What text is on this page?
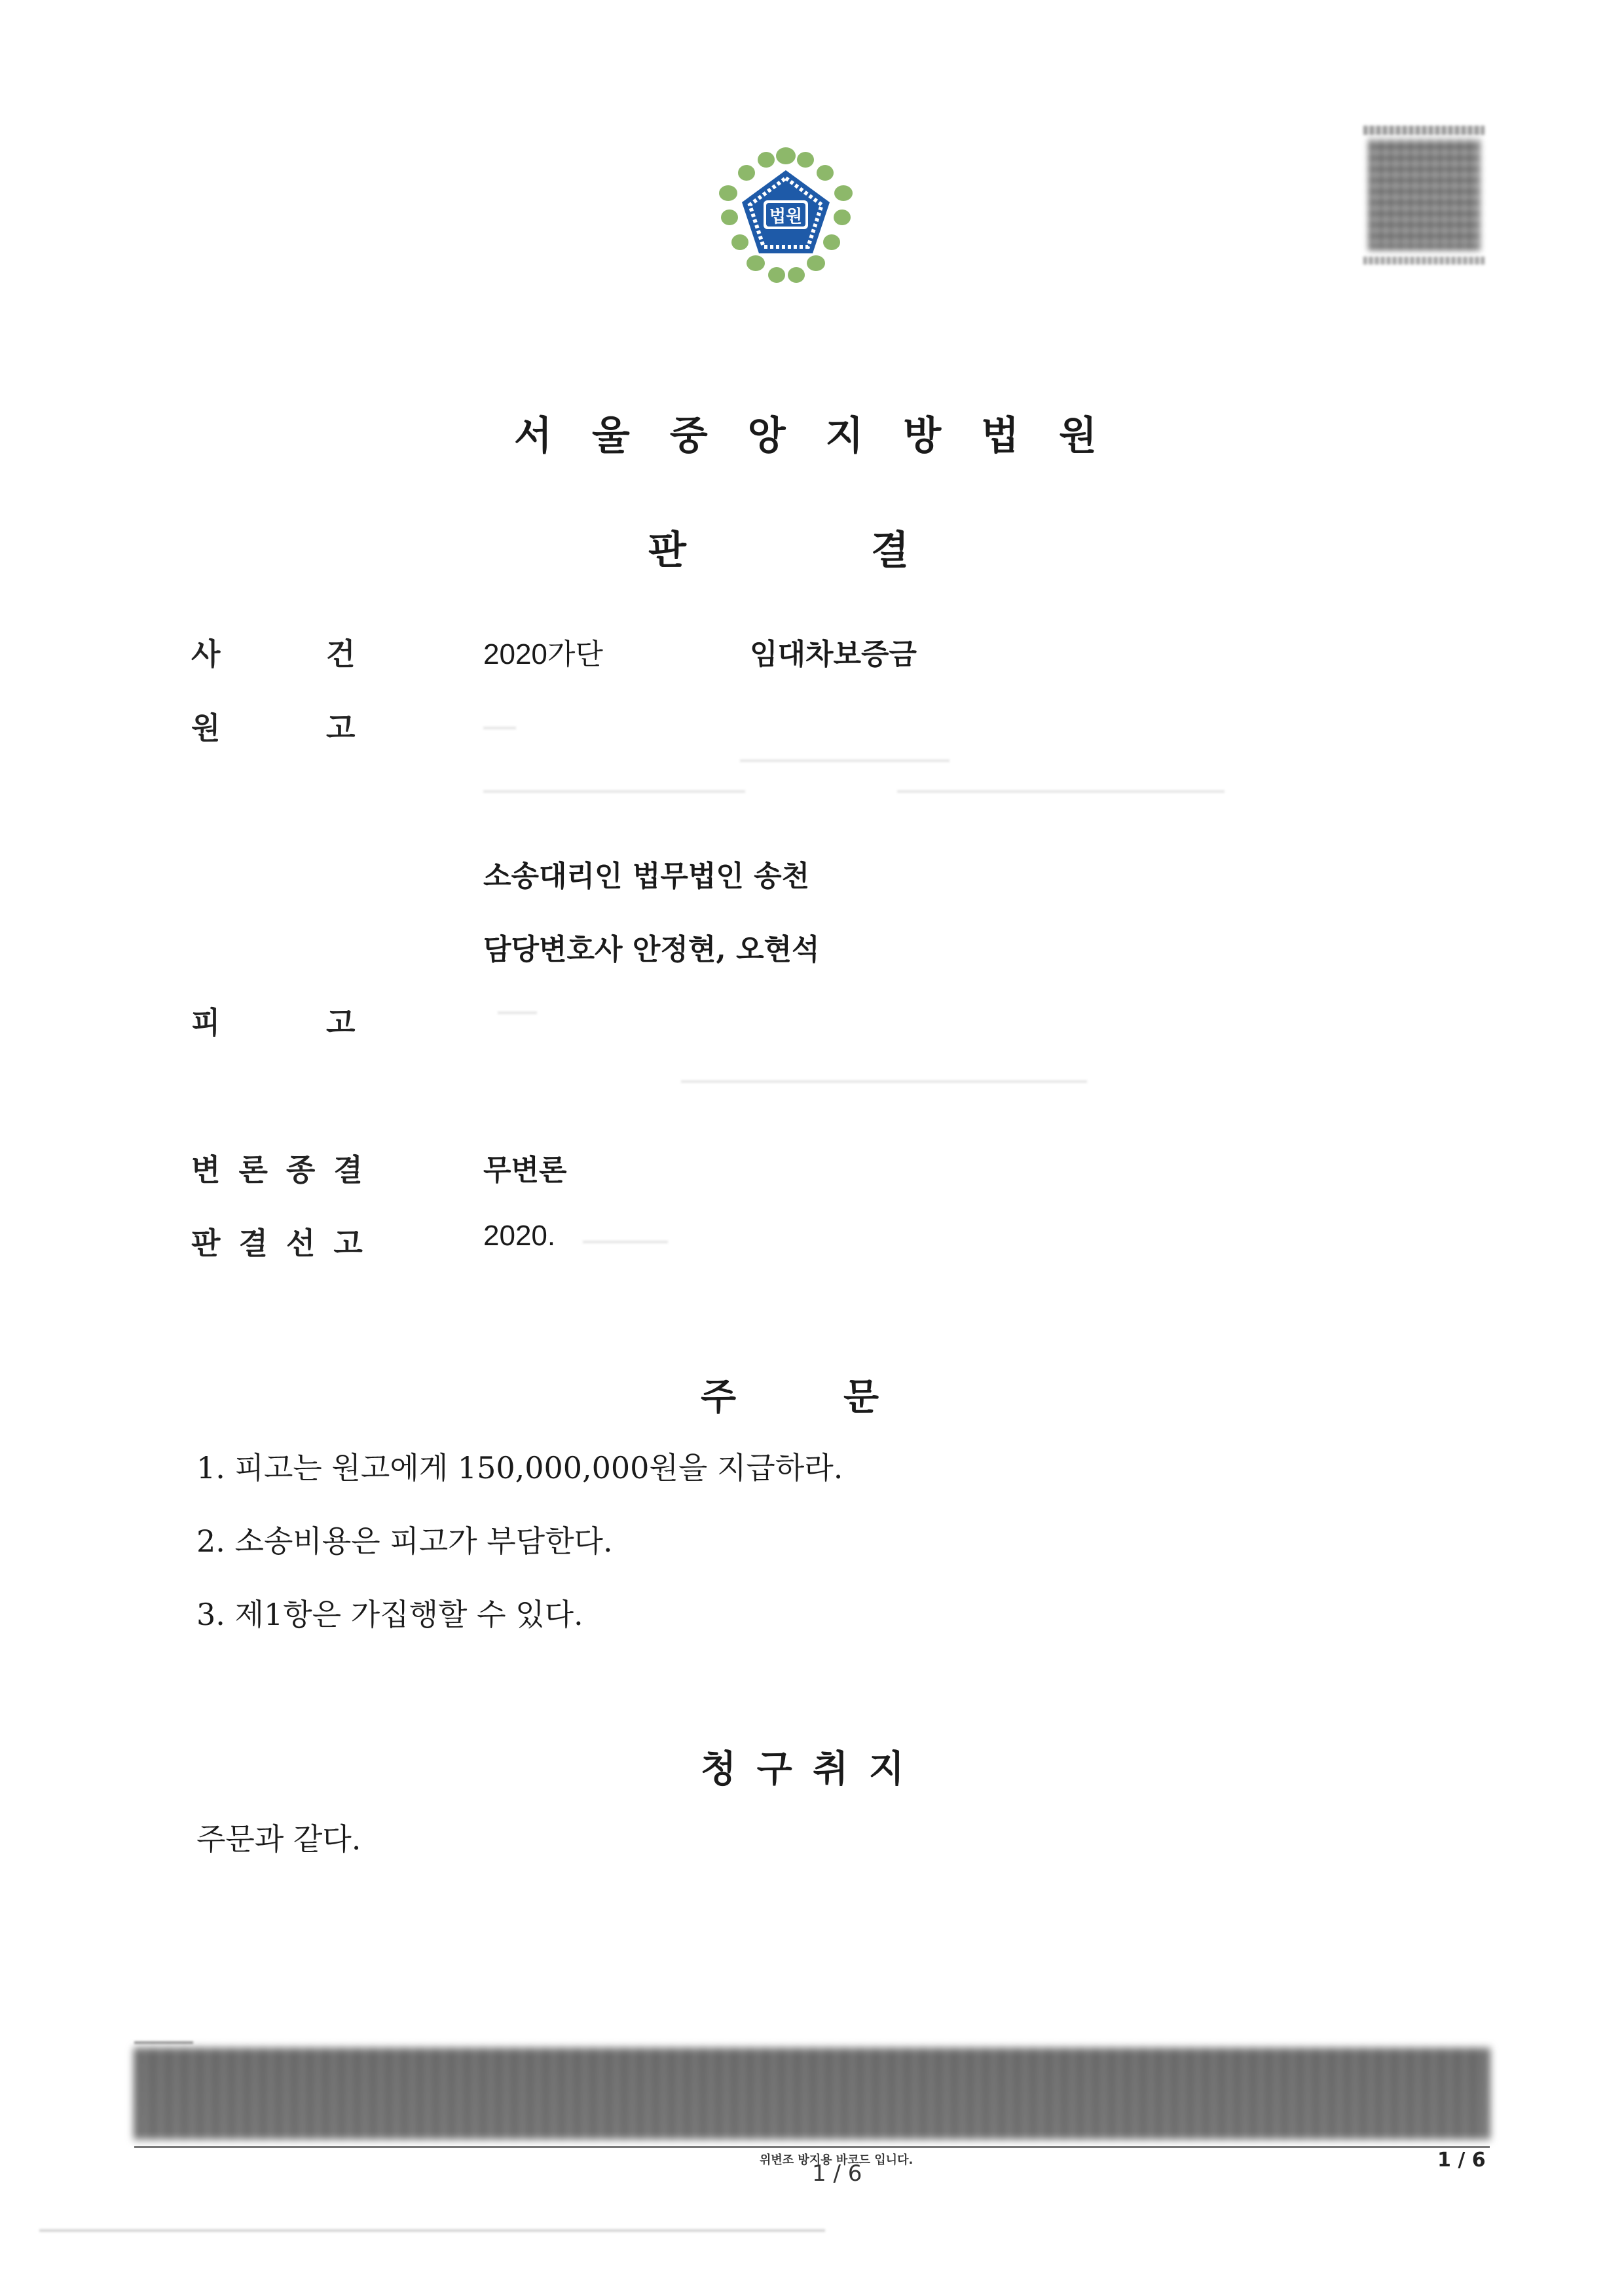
법원
서 울 중 앙 지 방 법 원
판	결
사	건	2020가단	임대차보증금
원	고
소송대리인 법무법인 송천
담당변호사 안정현, 오현석
피	고
변 론 종 결	무변론
판 결 선 고	2020.
주	문
1. 피고는 원고에게 150,000,000원을 지급하라.
2. 소송비용은 피고가 부담한다.
3. 제1항은 가집행할 수 있다.
청 구 취 지
주문과 같다.
위변조 방지용 바코드 입니다.
1 / 6
1 / 6
